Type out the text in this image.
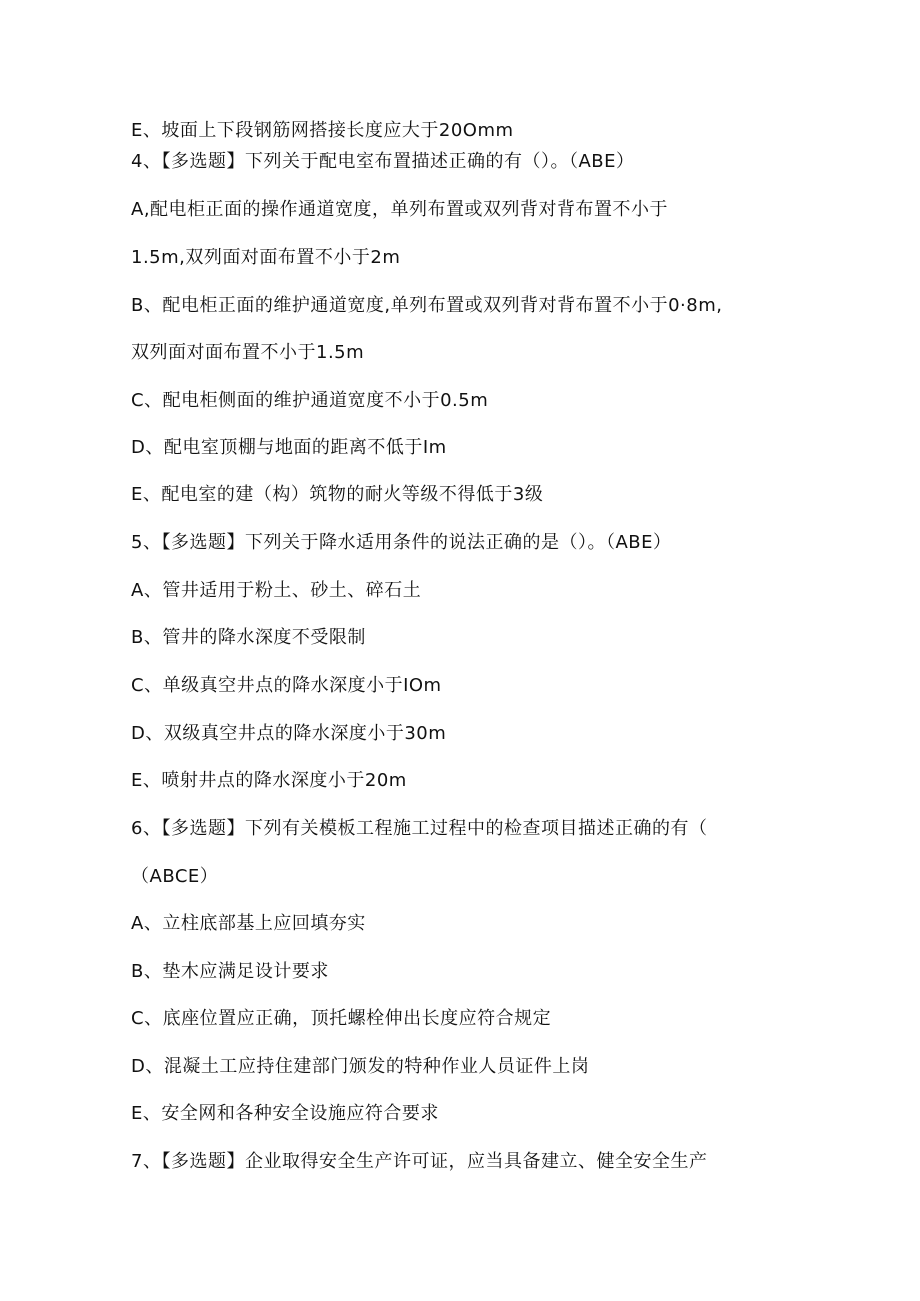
E、坡面上下段钢筋网搭接长度应大于20Omm
4、【多选题】下列关于配电室布置描述正确的有（）。（ABE）
A,配电柜正面的操作通道宽度，单列布置或双列背对背布置不小于
1.5m,双列面对面布置不小于2m
B、配电柜正面的维护通道宽度,单列布置或双列背对背布置不小于0·8m,
双列面对面布置不小于1.5m
C、配电柜侧面的维护通道宽度不小于0.5m
D、配电室顶棚与地面的距离不低于Im
E、配电室的建（构）筑物的耐火等级不得低于3级
5、【多选题】下列关于降水适用条件的说法正确的是（）。（ABE）
A、管井适用于粉土、砂土、碎石土
B、管井的降水深度不受限制
C、单级真空井点的降水深度小于IOm
D、双级真空井点的降水深度小于30m
E、喷射井点的降水深度小于20m
6、【多选题】下列有关模板工程施工过程中的检查项目描述正确的有（
（ABCE）
A、立柱底部基上应回填夯实
B、垫木应满足设计要求
C、底座位置应正确，顶托螺栓伸出长度应符合规定
D、混凝土工应持住建部门颁发的特种作业人员证件上岗
E、安全网和各种安全设施应符合要求
7、【多选题】企业取得安全生产许可证，应当具备建立、健全安全生产
